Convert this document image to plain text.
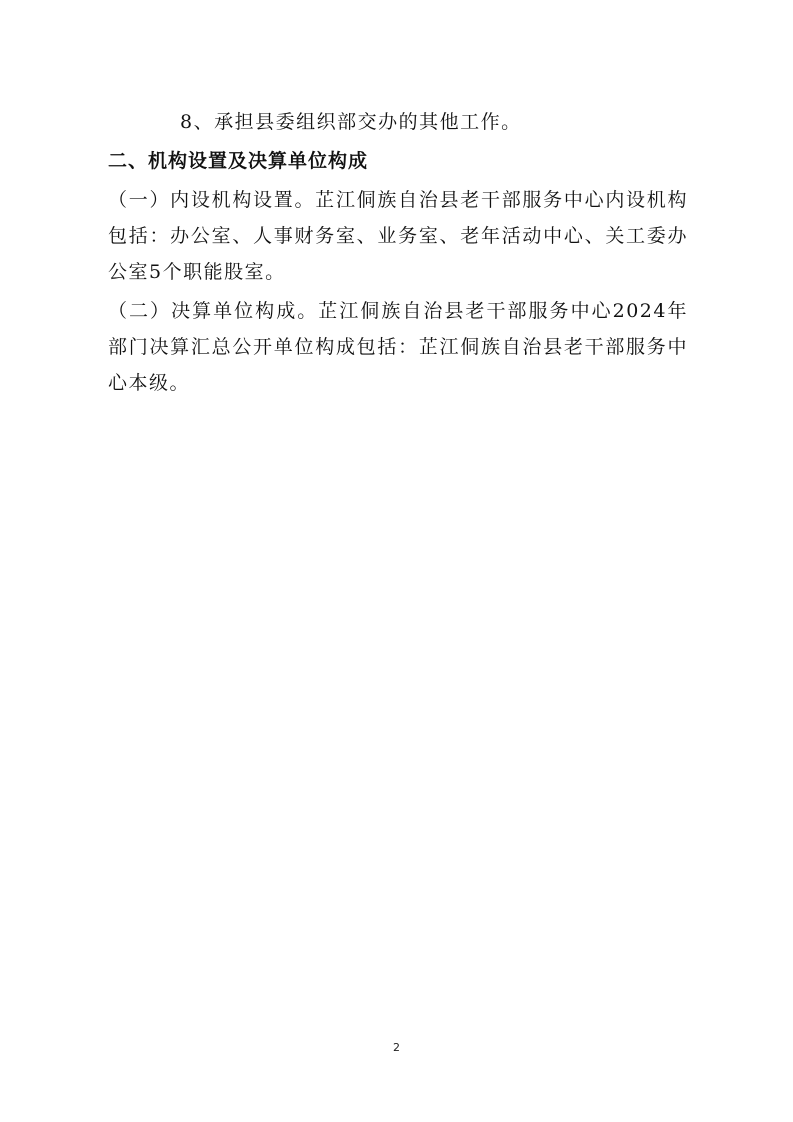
8、承担县委组织部交办的其他工作。

二、机构设置及决算单位构成

（一）内设机构设置。芷江侗族自治县老干部服务中心内设机构包括：办公室、人事财务室、业务室、老年活动中心、关工委办公室5个职能股室。

（二）决算单位构成。芷江侗族自治县老干部服务中心2024年部门决算汇总公开单位构成包括：芷江侗族自治县老干部服务中心本级。

2
